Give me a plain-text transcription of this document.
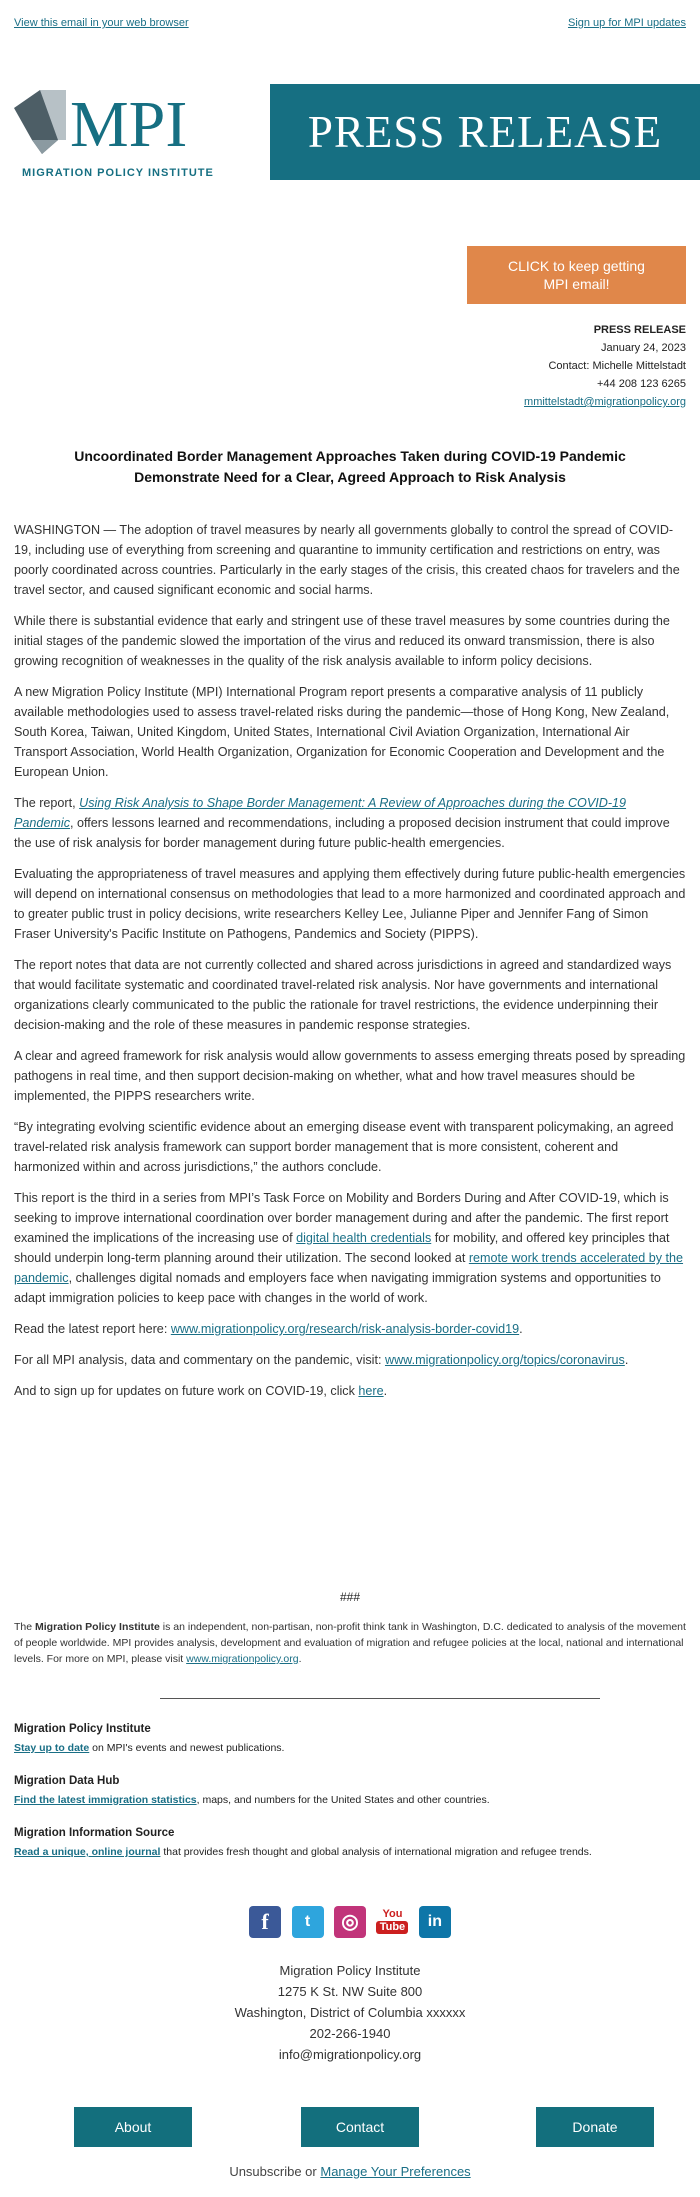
View this email in your web browser	Sign up for MPI updates
MPI
MIGRATION POLICY INSTITUTE
PRESS RELEASE
CLICK to keep getting MPI email!
PRESS RELEASE
January 24, 2023
Contact: Michelle Mittelstadt
+44 208 123 6265
mmittelstadt@migrationpolicy.org
Uncoordinated Border Management Approaches Taken during COVID-19 Pandemic Demonstrate Need for a Clear, Agreed Approach to Risk Analysis

WASHINGTON — The adoption of travel measures by nearly all governments globally to control the spread of COVID-19, including use of everything from screening and quarantine to immunity certification and restrictions on entry, was poorly coordinated across countries. Particularly in the early stages of the crisis, this created chaos for travelers and the travel sector, and caused significant economic and social harms.

While there is substantial evidence that early and stringent use of these travel measures by some countries during the initial stages of the pandemic slowed the importation of the virus and reduced its onward transmission, there is also growing recognition of weaknesses in the quality of the risk analysis available to inform policy decisions.

A new Migration Policy Institute (MPI) International Program report presents a comparative analysis of 11 publicly available methodologies used to assess travel-related risks during the pandemic—those of Hong Kong, New Zealand, South Korea, Taiwan, United Kingdom, United States, International Civil Aviation Organization, International Air Transport Association, World Health Organization, Organization for Economic Cooperation and Development and the European Union.

The report, Using Risk Analysis to Shape Border Management: A Review of Approaches during the COVID-19 Pandemic, offers lessons learned and recommendations, including a proposed decision instrument that could improve the use of risk analysis for border management during future public-health emergencies.

Evaluating the appropriateness of travel measures and applying them effectively during future public-health emergencies will depend on international consensus on methodologies that lead to a more harmonized and coordinated approach and to greater public trust in policy decisions, write researchers Kelley Lee, Julianne Piper and Jennifer Fang of Simon Fraser University's Pacific Institute on Pathogens, Pandemics and Society (PIPPS).

The report notes that data are not currently collected and shared across jurisdictions in agreed and standardized ways that would facilitate systematic and coordinated travel-related risk analysis. Nor have governments and international organizations clearly communicated to the public the rationale for travel restrictions, the evidence underpinning their decision-making and the role of these measures in pandemic response strategies.

A clear and agreed framework for risk analysis would allow governments to assess emerging threats posed by spreading pathogens in real time, and then support decision-making on whether, what and how travel measures should be implemented, the PIPPS researchers write.

“By integrating evolving scientific evidence about an emerging disease event with transparent policymaking, an agreed travel-related risk analysis framework can support border management that is more consistent, coherent and harmonized within and across jurisdictions,” the authors conclude.

This report is the third in a series from MPI’s Task Force on Mobility and Borders During and After COVID-19, which is seeking to improve international coordination over border management during and after the pandemic. The first report examined the implications of the increasing use of digital health credentials for mobility, and offered key principles that should underpin long-term planning around their utilization. The second looked at remote work trends accelerated by the pandemic, challenges digital nomads and employers face when navigating immigration systems and opportunities to adapt immigration policies to keep pace with changes in the world of work.

Read the latest report here: www.migrationpolicy.org/research/risk-analysis-border-covid19.

For all MPI analysis, data and commentary on the pandemic, visit: www.migrationpolicy.org/topics/coronavirus.

And to sign up for updates on future work on COVID-19, click here.

###
The Migration Policy Institute is an independent, non-partisan, non-profit think tank in Washington, D.C. dedicated to analysis of the movement of people worldwide. MPI provides analysis, development and evaluation of migration and refugee policies at the local, national and international levels. For more on MPI, please visit www.migrationpolicy.org.
Migration Policy Institute
Stay up to date on MPI's events and newest publications.
Migration Data Hub
Find the latest immigration statistics, maps, and numbers for the United States and other countries.
Migration Information Source
Read a unique, online journal that provides fresh thought and global analysis of international migration and refugee trends.
f t ◎	You
Tube in
Migration Policy Institute
1275 K St. NW Suite 800
Washington, District of Columbia xxxxxx
202-266-1940
info@migrationpolicy.org
About	Contact	Donate
Unsubscribe or Manage Your Preferences
